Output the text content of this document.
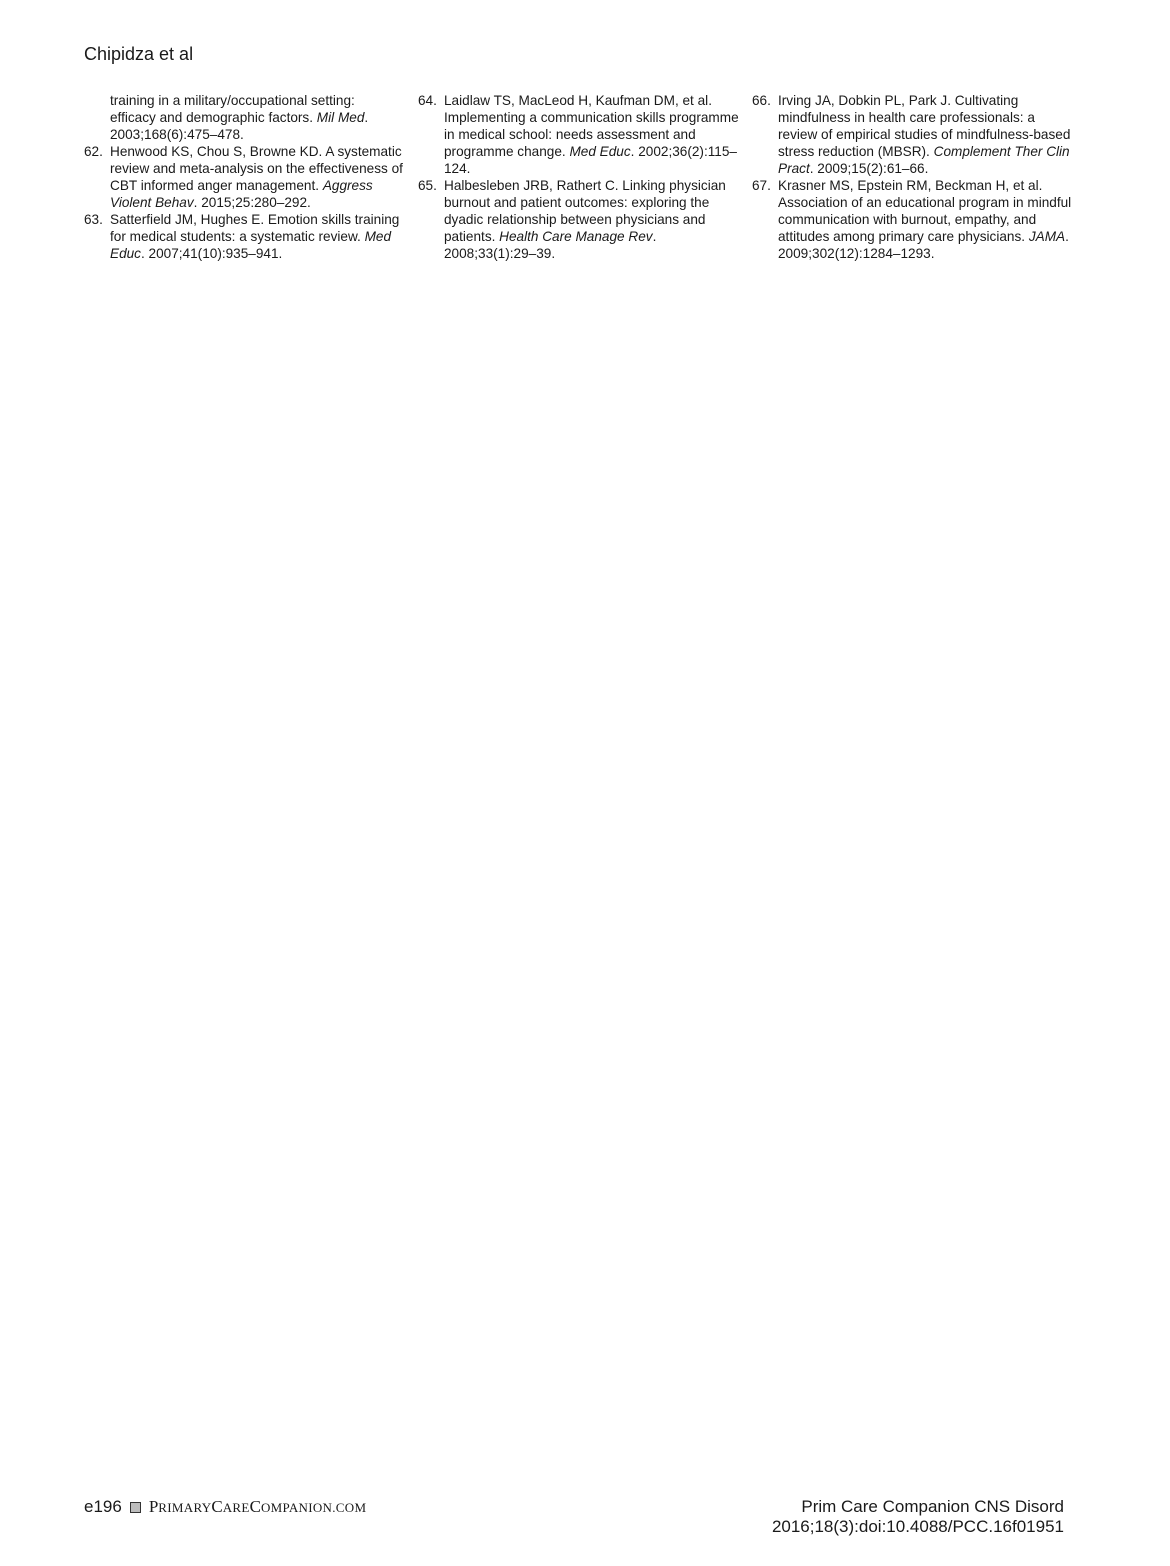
Chipidza et al
training in a military/occupational setting: efficacy and demographic factors. Mil Med. 2003;168(6):475–478.
62. Henwood KS, Chou S, Browne KD. A systematic review and meta-analysis on the effectiveness of CBT informed anger management. Aggress Violent Behav. 2015;25:280–292.
63. Satterfield JM, Hughes E. Emotion skills training for medical students: a systematic review. Med Educ. 2007;41(10):935–941.
64. Laidlaw TS, MacLeod H, Kaufman DM, et al. Implementing a communication skills programme in medical school: needs assessment and programme change. Med Educ. 2002;36(2):115–124.
65. Halbesleben JRB, Rathert C. Linking physician burnout and patient outcomes: exploring the dyadic relationship between physicians and patients. Health Care Manage Rev. 2008;33(1):29–39.
66. Irving JA, Dobkin PL, Park J. Cultivating mindfulness in health care professionals: a review of empirical studies of mindfulness-based stress reduction (MBSR). Complement Ther Clin Pract. 2009;15(2):61–66.
67. Krasner MS, Epstein RM, Beckman H, et al. Association of an educational program in mindful communication with burnout, empathy, and attitudes among primary care physicians. JAMA. 2009;302(12):1284–1293.
e196 PRIMARYCARECOMPANION.COM	Prim Care Companion CNS Disord
2016;18(3):doi:10.4088/PCC.16f01951
